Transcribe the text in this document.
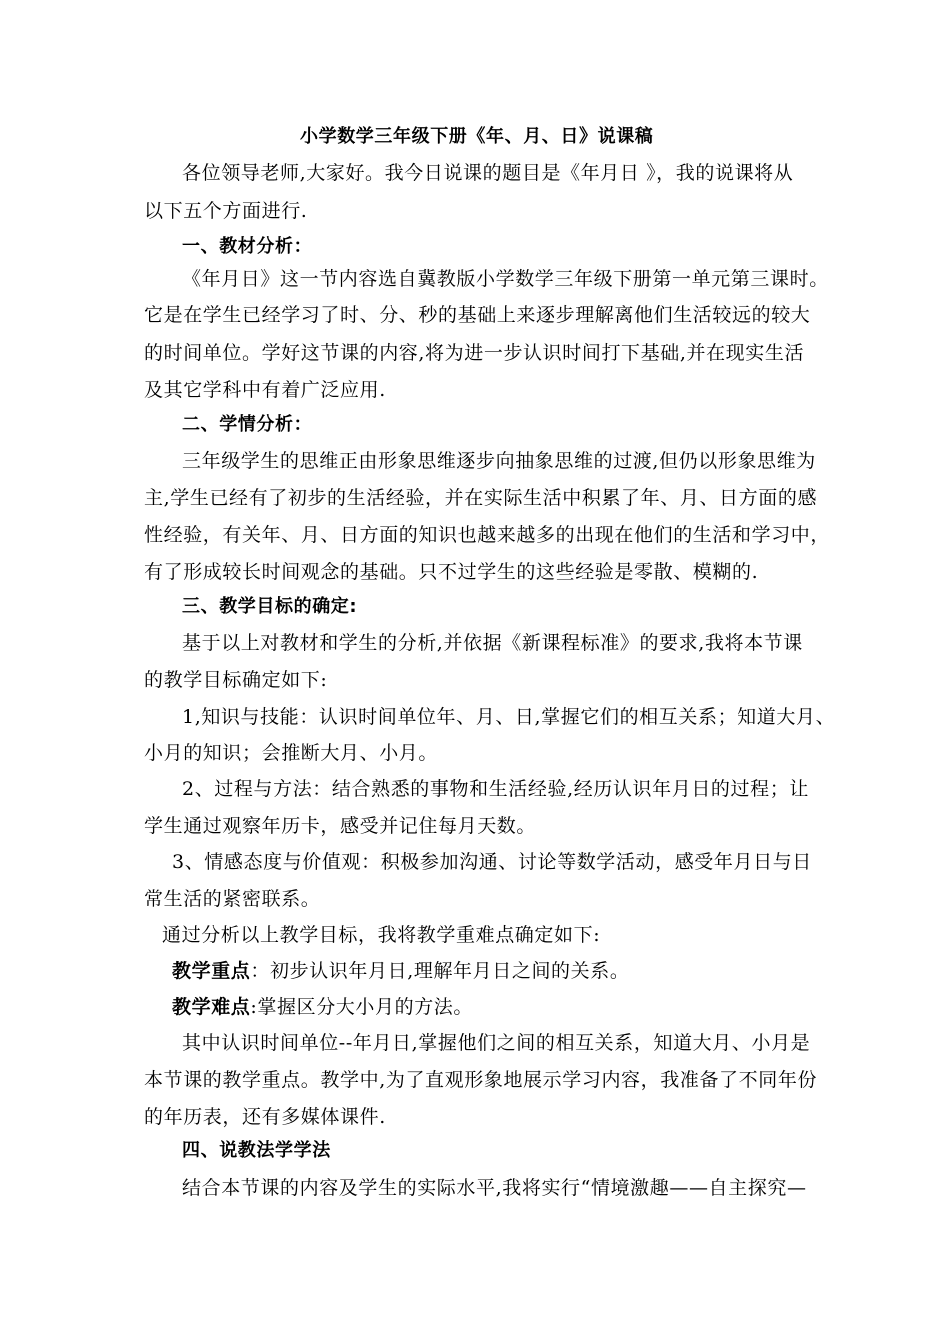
小学数学三年级下册《年、月、日》说课稿
各位领导老师,大家好。我今日说课的题目是《年月日 》，我的说课将从
以下五个方面进行.
一、教材分析：
《年月日》这一节内容选自冀教版小学数学三年级下册第一单元第三课时。
它是在学生已经学习了时、分、秒的基础上来逐步理解离他们生活较远的较大
的时间单位。学好这节课的内容,将为进一步认识时间打下基础,并在现实生活
及其它学科中有着广泛应用.
二、学情分析：
三年级学生的思维正由形象思维逐步向抽象思维的过渡,但仍以形象思维为
主,学生已经有了初步的生活经验，并在实际生活中积累了年、月、日方面的感
性经验，有关年、月、日方面的知识也越来越多的出现在他们的生活和学习中，
有了形成较长时间观念的基础。只不过学生的这些经验是零散、模糊的.
三、教学目标的确定:
基于以上对教材和学生的分析,并依据《新课程标准》的要求,我将本节课
的教学目标确定如下:
1,知识与技能：认识时间单位年、月、日,掌握它们的相互关系；知道大月、
小月的知识；会推断大月、小月。
2、过程与方法：结合熟悉的事物和生活经验,经历认识年月日的过程；让
学生通过观察年历卡，感受并记住每月天数。
3、情感态度与价值观：积极参加沟通、讨论等数学活动，感受年月日与日
常生活的紧密联系。
通过分析以上教学目标，我将教学重难点确定如下:
教学重点：初步认识年月日,理解年月日之间的关系。
教学难点:掌握区分大小月的方法。
其中认识时间单位--年月日,掌握他们之间的相互关系，知道大月、小月是
本节课的教学重点。教学中,为了直观形象地展示学习内容，我准备了不同年份
的年历表，还有多媒体课件.
四、说教法学学法
结合本节课的内容及学生的实际水平,我将实行“情境激趣——自主探究—
